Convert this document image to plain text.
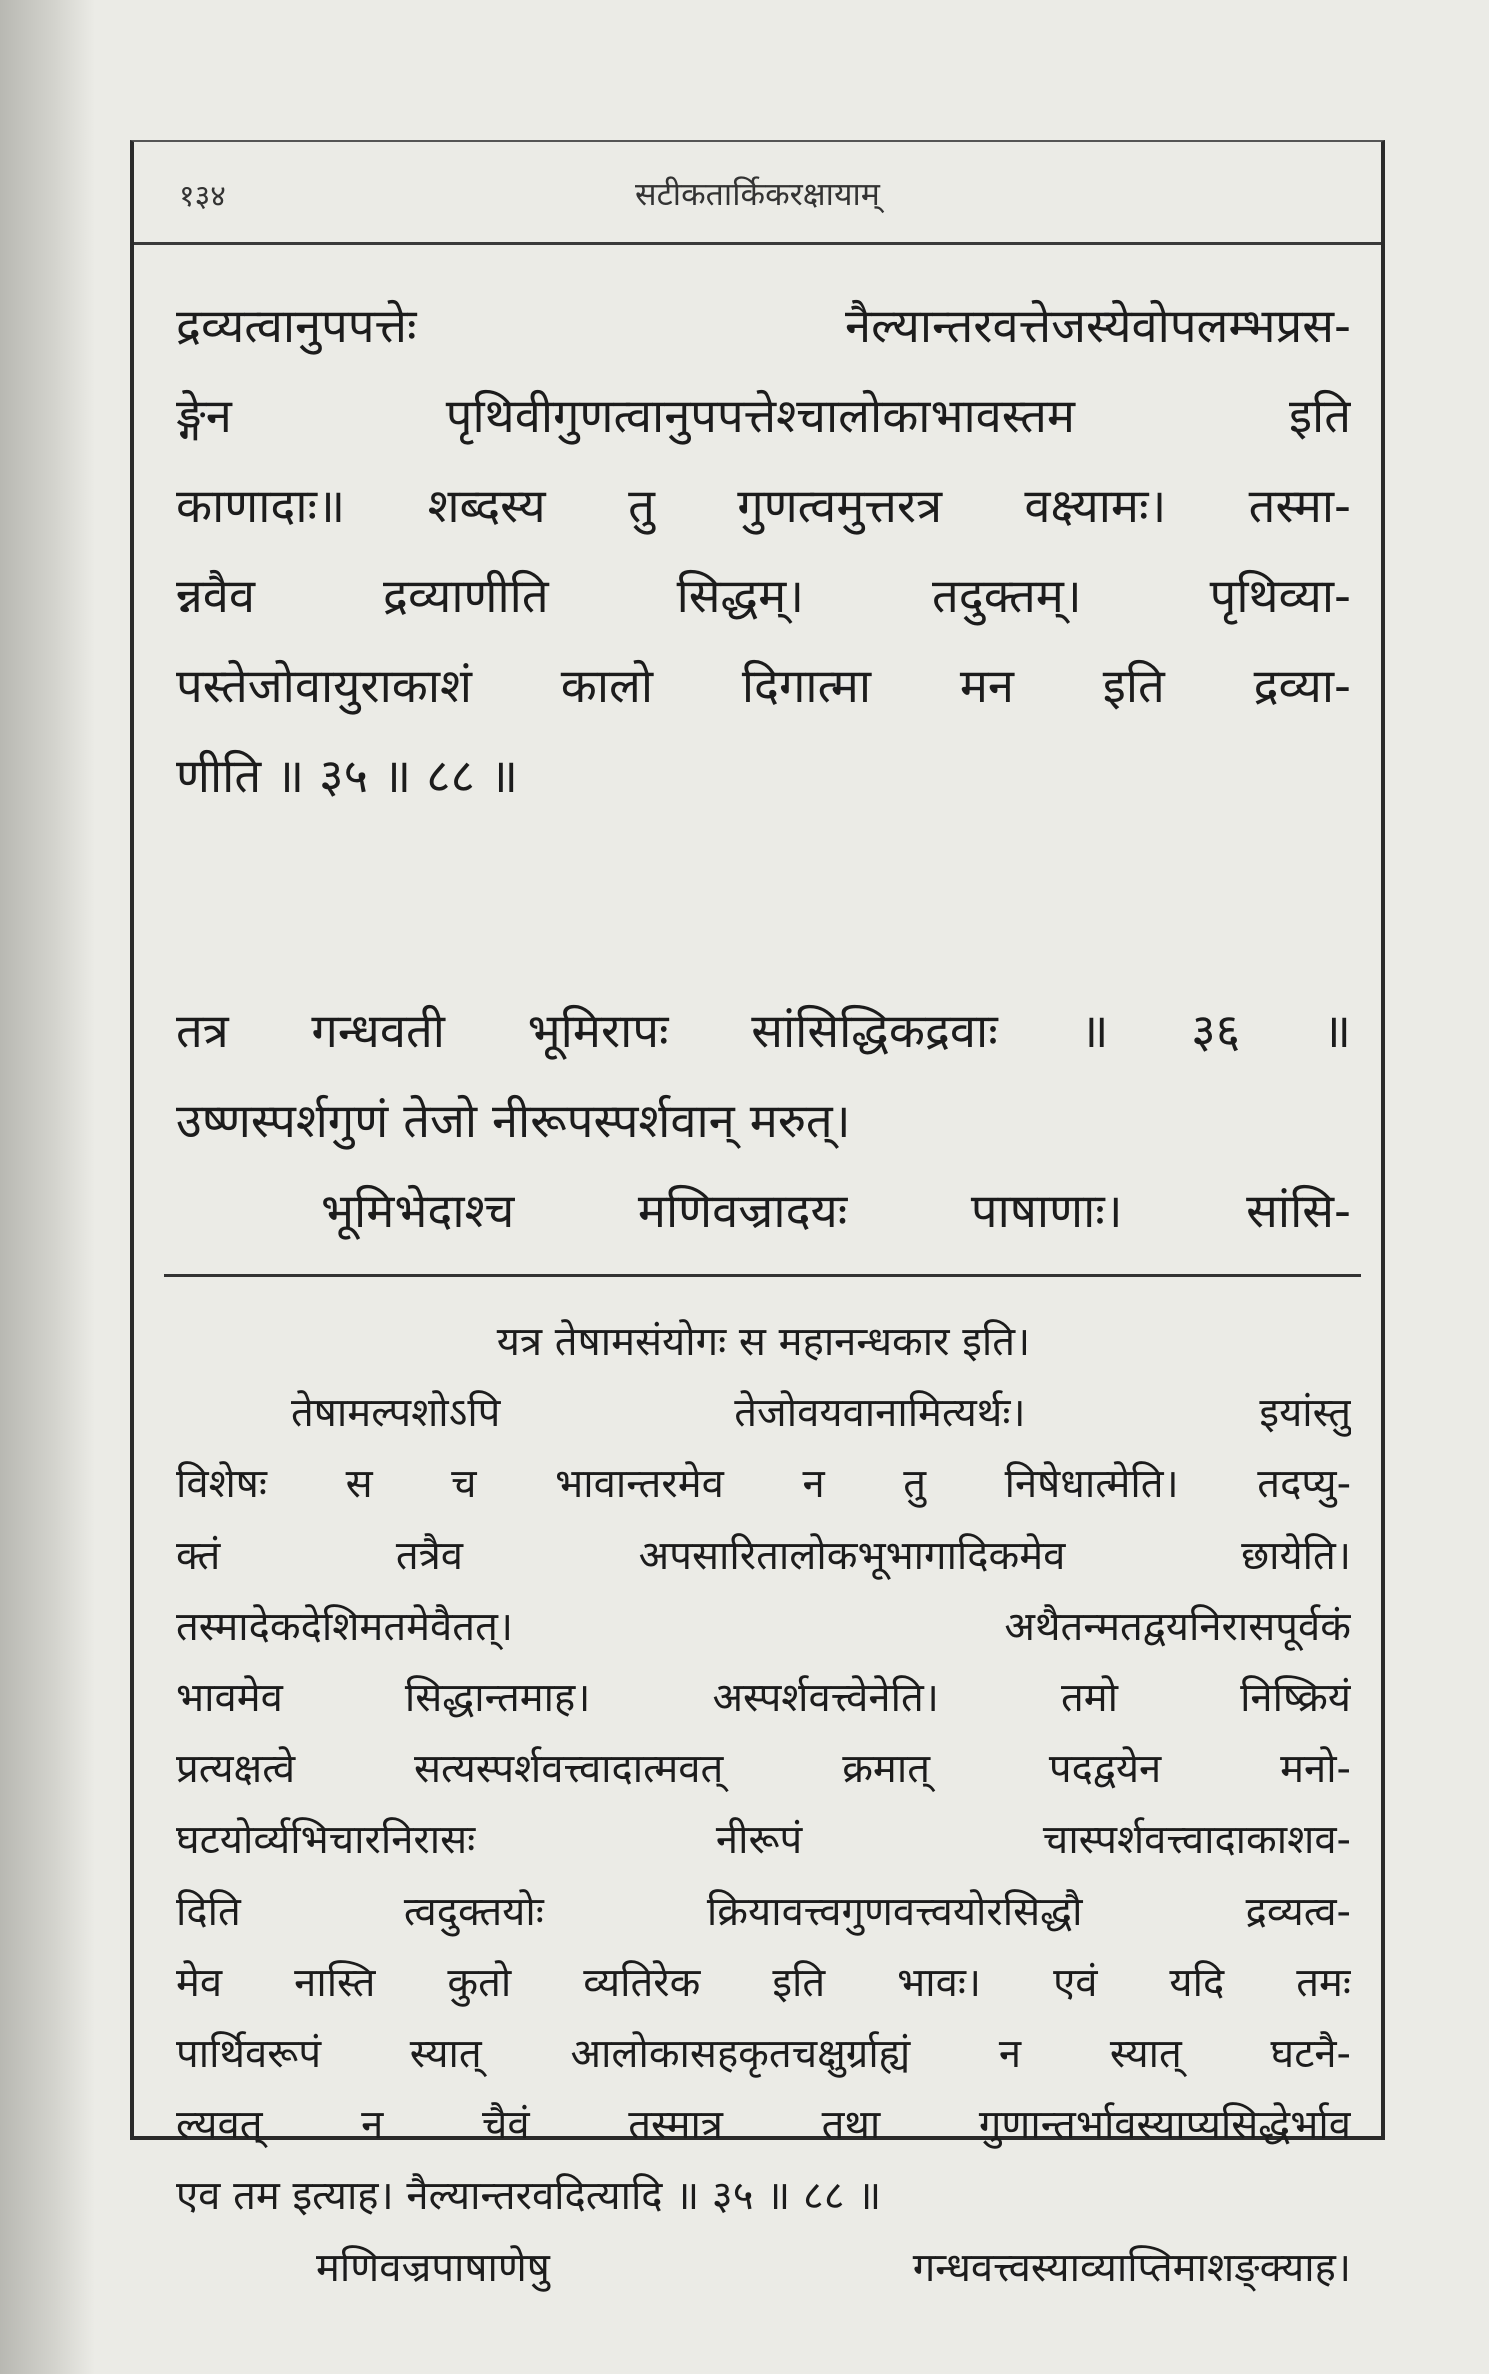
१३४	सटीकतार्किकरक्षायाम्
द्रव्यत्वानुपपत्तेः नैल्यान्तरवत्तेजस्येवोपलम्भप्रस-
ङ्गेन पृथिवीगुणत्वानुपपत्तेश्चालोकाभावस्तम इति
काणादाः॥ शब्दस्य तु गुणत्वमुत्तरत्र वक्ष्यामः। तस्मा-
न्नवैव द्रव्याणीति सिद्धम्। तदुक्तम्। पृथिव्या-
पस्तेजोवायुराकाशं कालो दिगात्मा मन इति द्रव्या-
णीति ॥ ३५ ॥ ८८ ॥
तत्र गन्धवती भूमिरापः सांसिद्धिकद्रवाः ॥ ३६ ॥
उष्णस्पर्शगुणं तेजो नीरूपस्पर्शवान् मरुत्।
भूमिभेदाश्च मणिवज्रादयः पाषाणाः। सांसि-
यत्र तेषामसंयोगः स महानन्धकार इति।
तेषामल्पशोऽपि तेजोवयवानामित्यर्थः। इयांस्तु
विशेषः स च भावान्तरमेव न तु निषेधात्मेति। तदप्यु-
क्तं तत्रैव अपसारितालोकभूभागादिकमेव छायेति।
तस्मादेकदेशिमतमेवैतत्। अथैतन्मतद्वयनिरासपूर्वकं
भावमेव सिद्धान्तमाह। अस्पर्शवत्त्वेनेति। तमो निष्क्रियं
प्रत्यक्षत्वे सत्यस्पर्शवत्त्वादात्मवत् क्रमात् पदद्वयेन मनो-
घटयोर्व्यभिचारनिरासः नीरूपं चास्पर्शवत्त्वादाकाशव-
दिति त्वदुक्तयोः क्रियावत्त्वगुणवत्त्वयोरसिद्धौ द्रव्यत्व-
मेव नास्ति कुतो व्यतिरेक इति भावः। एवं यदि तमः
पार्थिवरूपं स्यात् आलोकासहकृतचक्षुर्ग्राह्यं न स्यात् घटनै-
ल्यवत् न चैवं तस्मात्र तथा गुणान्तर्भावस्याप्यसिद्धेर्भाव
एव तम इत्याह। नैल्यान्तरवदित्यादि ॥ ३५ ॥ ८८ ॥
मणिवज्रपाषाणेषु गन्धवत्त्वस्याव्याप्तिमाशङ्क्याह।
